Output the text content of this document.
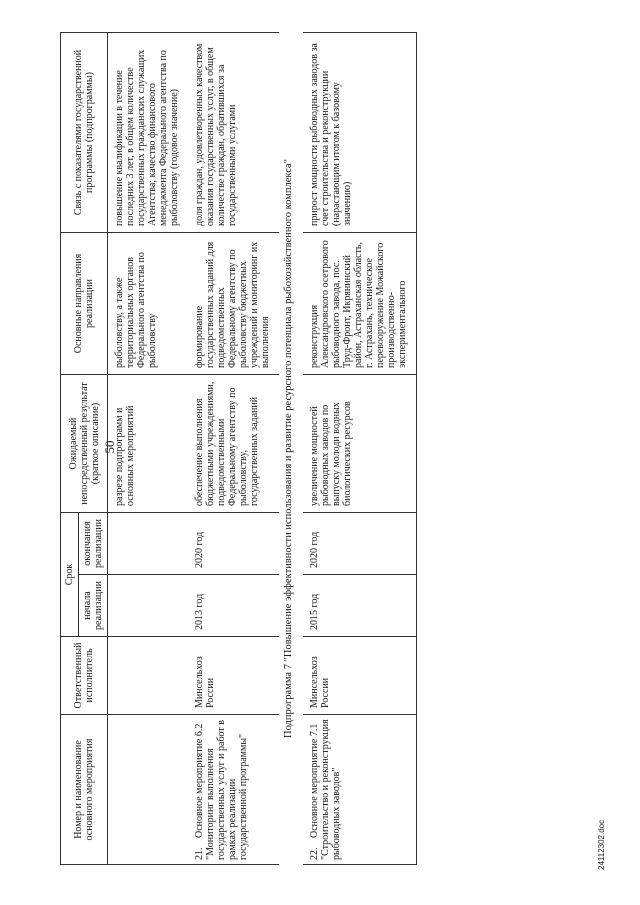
50
Номер и наименование основного мероприятия	Ответственный исполнитель	Срок		Ожидаемый непосредственный результат (краткое описание)	Основные направления реализации	Связь с показателями государственной программы (подпрограммы)
		начала реализации	окончания реализации			
				разрезе подпрограмм и основных мероприятий	рыболовству, а также территориальных органов Федерального агентства по рыболовству	повышение квалификации в течение последних 3 лет, в общем количестве государственных гражданских служащих Агентства; качество финансового менеджмента Федерального агентства по рыболовству (годовое значение)
21.Основное мероприятие 6.2 "Мониторинг выполнения государственных услуг и работ в рамках реализации государственной программы"	Минсельхоз России	2013 год	2020 год	обеспечение выполнения бюджетными учреждениями, подведомственными Федеральному агентству по рыболовству, государственных заданий	формирование государственных заданий для подведомственных Федеральному агентству по рыболовству бюджетных учреждений и мониторинг их выполнения	доля граждан, удовлетворенных качеством оказания государственных услуг, в общем количестве граждан, обратившихся за государственными услугами
Подпрограмма 7 "Повышение эффективности использования и развитие ресурсного потенциала рыбохозяйственного комплекса"						
22.Основное мероприятие 7.1 "Строительство и реконструкция рыбоводных заводов"	Минсельхоз России	2015 год	2020 год	увеличение мощностей рыбоводных заводов по выпуску молоди водных биологических ресурсов	реконструкция Александровского осетрового рыбоводного завода, пос. Труд-Фронт, Икрянинский район, Астраханская область, г. Астрахань, техническое перевооружение Можайского производственно-экспериментального	прирост мощности рыбоводных заводов за счет строительства и реконструкции (нарастающим итогом к базовому значению)
24112302.doc
